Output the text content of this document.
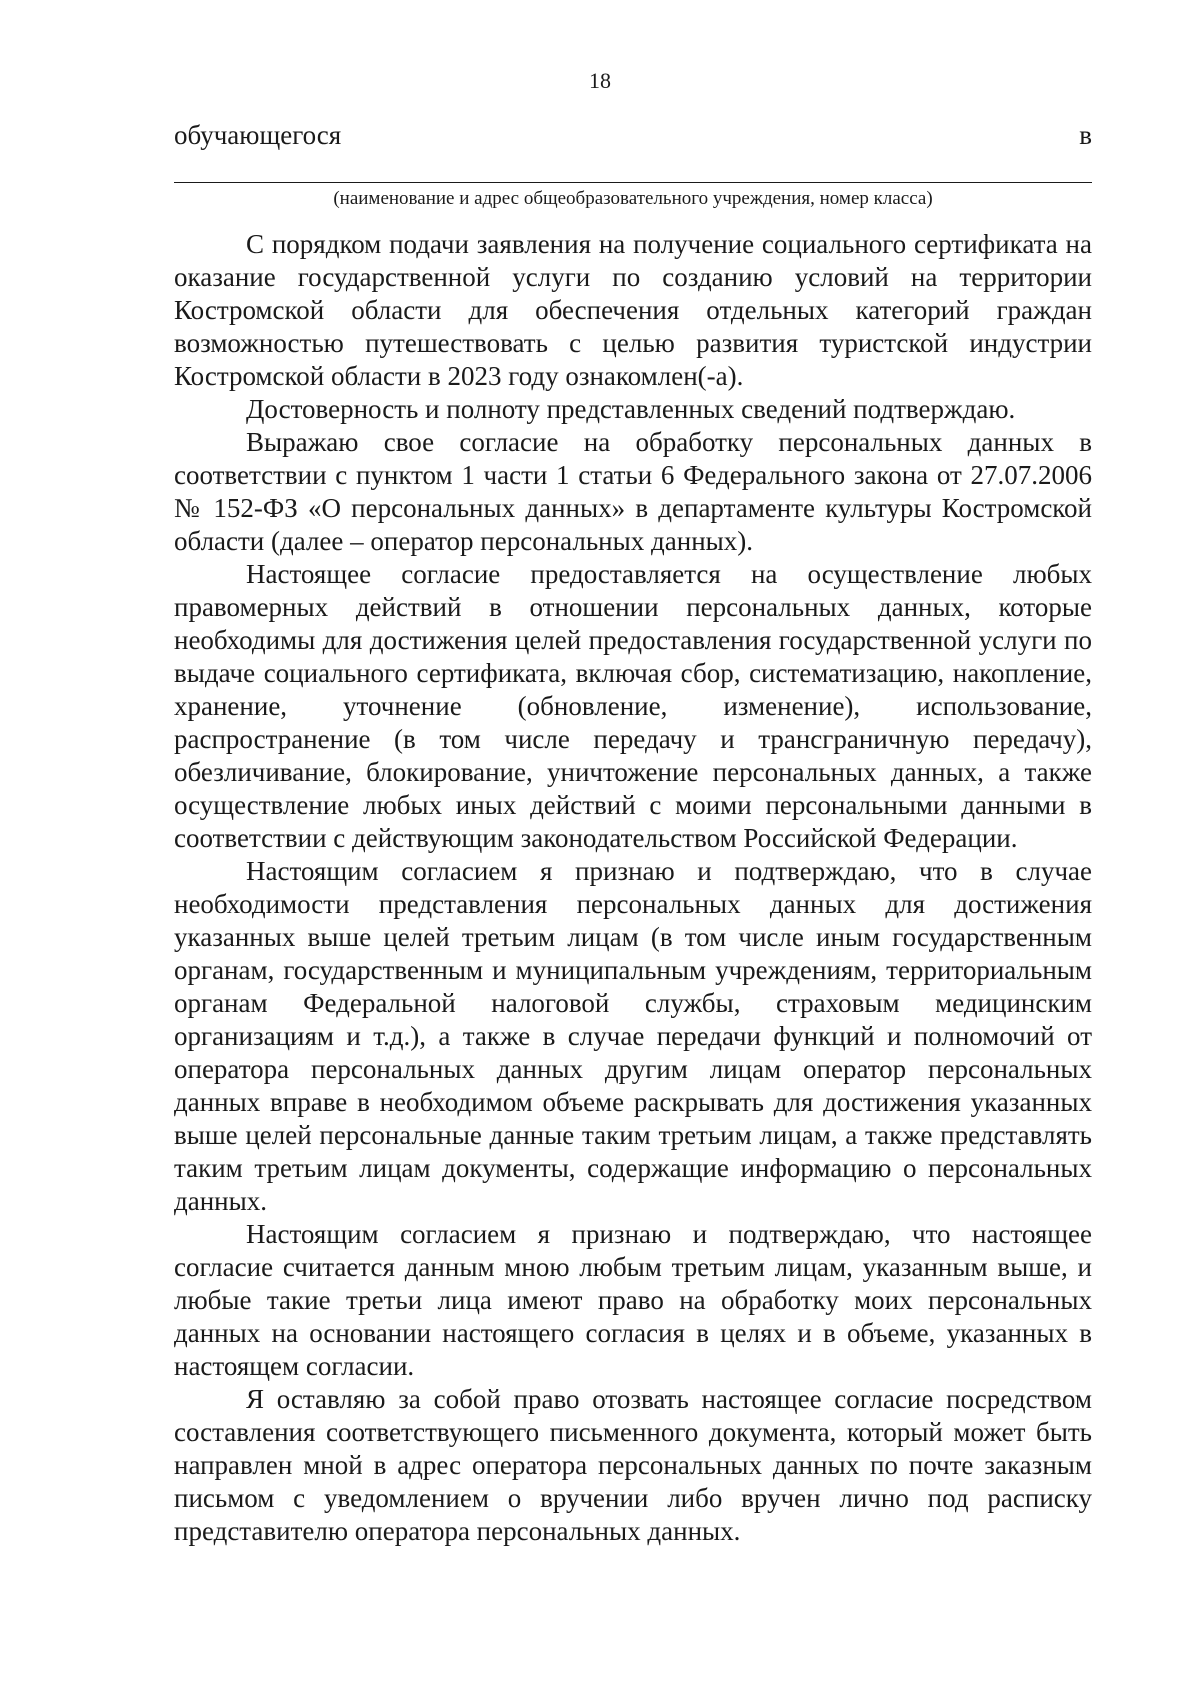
18
обучающегося	в
(наименование и адрес общеобразовательного учреждения, номер класса)

С порядком подачи заявления на получение социального сертификата на оказание государственной услуги по созданию условий на территории Костромской области для обеспечения отдельных категорий граждан возможностью путешествовать с целью развития туристской индустрии Костромской области в 2023 году ознакомлен(-а).

Достоверность и полноту представленных сведений подтверждаю.

Выражаю свое согласие на обработку персональных данных в соответствии с пунктом 1 части 1 статьи 6 Федерального закона от 27.07.2006 № 152-ФЗ «О персональных данных» в департаменте культуры Костромской области (далее – оператор персональных данных).

Настоящее согласие предоставляется на осуществление любых правомерных действий в отношении персональных данных, которые необходимы для достижения целей предоставления государственной услуги по выдаче социального сертификата, включая сбор, систематизацию, накопление, хранение, уточнение (обновление, изменение), использование, распространение (в том числе передачу и трансграничную передачу), обезличивание, блокирование, уничтожение персональных данных, а также осуществление любых иных действий с моими персональными данными в соответствии с действующим законодательством Российской Федерации.

Настоящим согласием я признаю и подтверждаю, что в случае необходимости представления персональных данных для достижения указанных выше целей третьим лицам (в том числе иным государственным органам, государственным и муниципальным учреждениям, территориальным органам Федеральной налоговой службы, страховым медицинским организациям и т.д.), а также в случае передачи функций и полномочий от оператора персональных данных другим лицам оператор персональных данных вправе в необходимом объеме раскрывать для достижения указанных выше целей персональные данные таким третьим лицам, а также представлять таким третьим лицам документы, содержащие информацию о персональных данных.

Настоящим согласием я признаю и подтверждаю, что настоящее согласие считается данным мною любым третьим лицам, указанным выше, и любые такие третьи лица имеют право на обработку моих персональных данных на основании настоящего согласия в целях и в объеме, указанных в настоящем согласии.

Я оставляю за собой право отозвать настоящее согласие посредством составления соответствующего письменного документа, который может быть направлен мной в адрес оператора персональных данных по почте заказным письмом с уведомлением о вручении либо вручен лично под расписку представителю оператора персональных данных.
